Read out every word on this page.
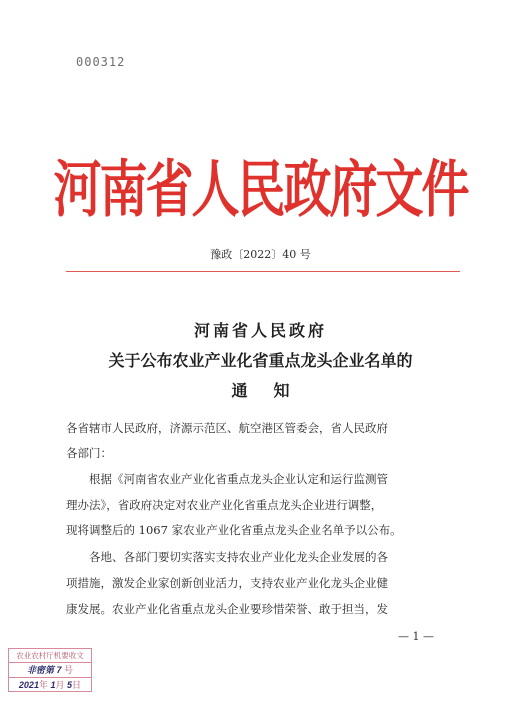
000312
河南省人民政府文件
豫政〔2022〕40 号
河南省人民政府
关于公布农业产业化省重点龙头企业名单的
通知
各省辖市人民政府，济源示范区、航空港区管委会，省人民政府
各部门：
根据《河南省农业产业化省重点龙头企业认定和运行监测管
理办法》，省政府决定对农业产业化省重点龙头企业进行调整，
现将调整后的 1067 家农业产业化省重点龙头企业名单予以公布。
各地、各部门要切实落实支持农业产业化龙头企业发展的各
项措施，激发企业家创新创业活力，支持农业产业化龙头企业健
康发展。农业产业化省重点龙头企业要珍惜荣誉、敢于担当，发
— 1 —
农业农村厅机要收文
非密第 7 号
2021年 1月 5日
